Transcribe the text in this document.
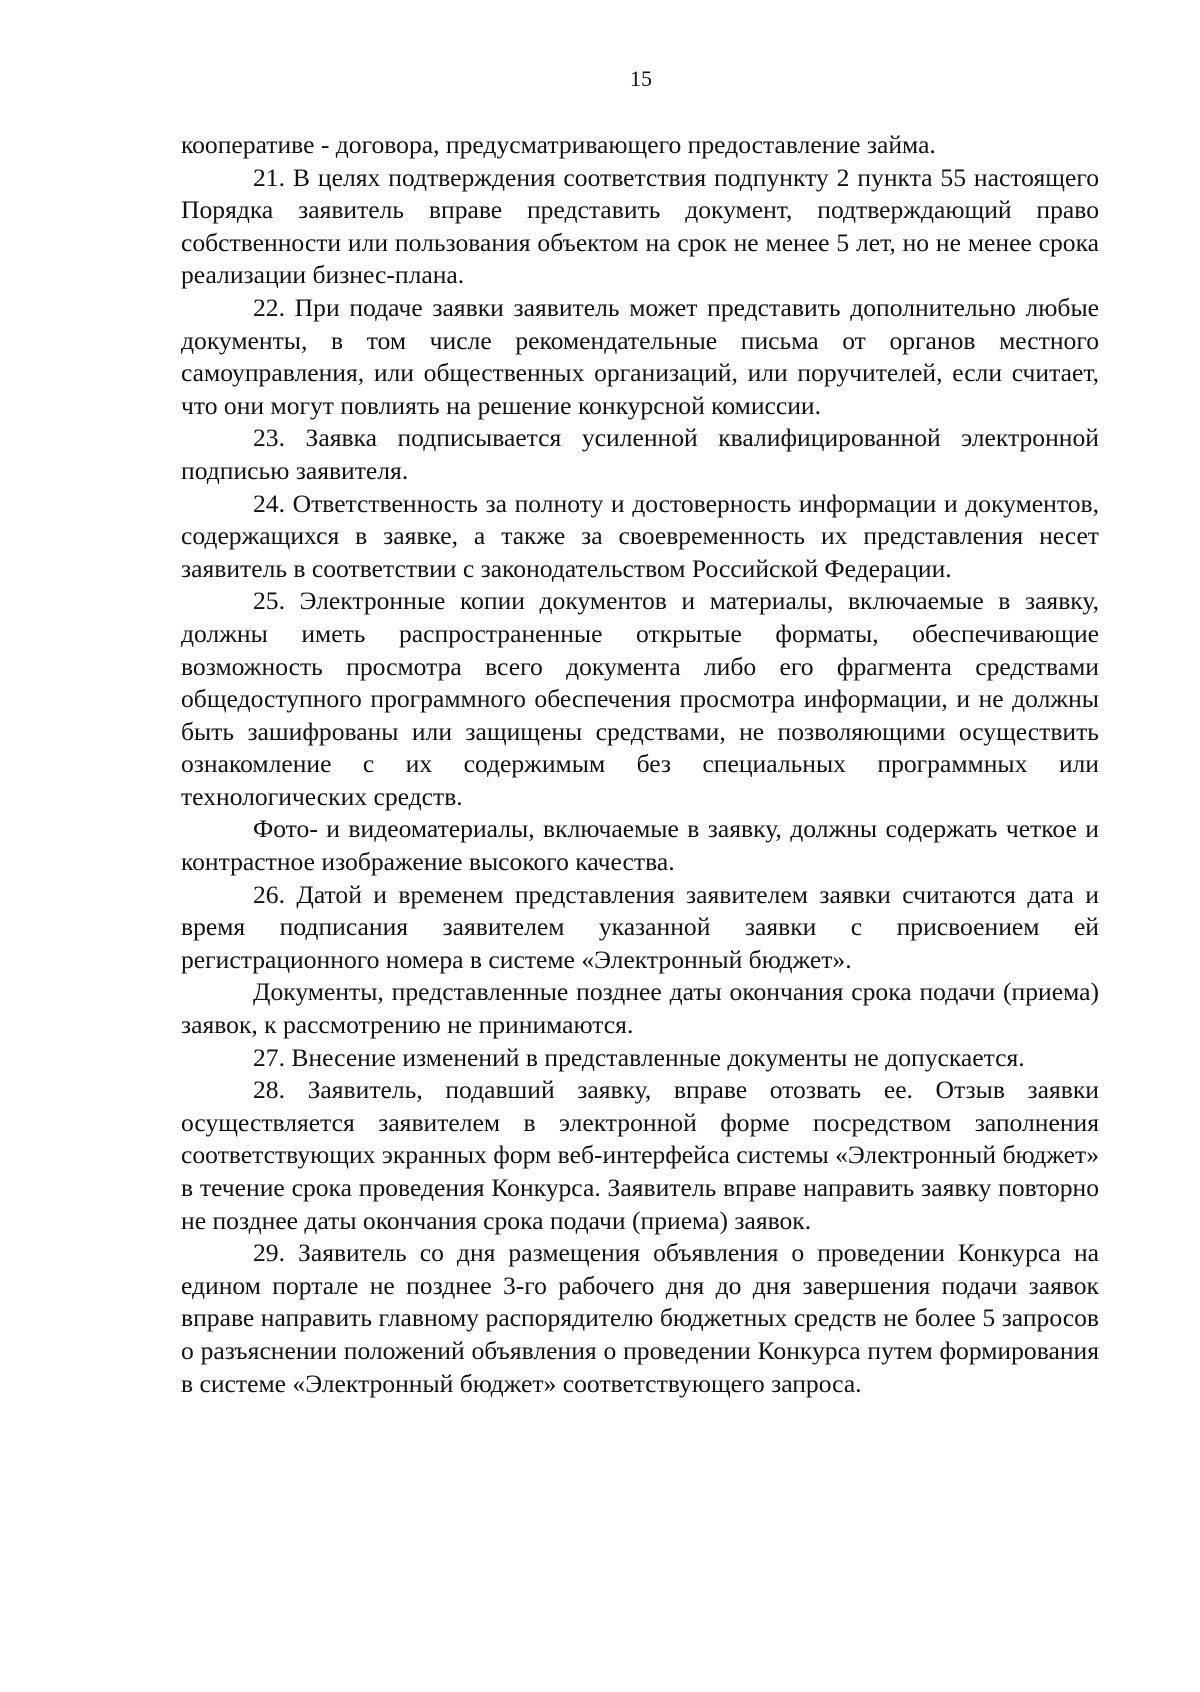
15

кооперативе - договора, предусматривающего предоставление займа.

21. В целях подтверждения соответствия подпункту 2 пункта 55 настоящего Порядка заявитель вправе представить документ, подтверждающий право собственности или пользования объектом на срок не менее 5 лет, но не менее срока реализации бизнес-плана.

22. При подаче заявки заявитель может представить дополнительно любые документы, в том числе рекомендательные письма от органов местного самоуправления, или общественных организаций, или поручителей, если считает, что они могут повлиять на решение конкурсной комиссии.

23. Заявка подписывается усиленной квалифицированной электронной подписью заявителя.

24. Ответственность за полноту и достоверность информации и документов, содержащихся в заявке, а также за своевременность их представления несет заявитель в соответствии с законодательством Российской Федерации.

25. Электронные копии документов и материалы, включаемые в заявку, должны иметь распространенные открытые форматы, обеспечивающие возможность просмотра всего документа либо его фрагмента средствами общедоступного программного обеспечения просмотра информации, и не должны быть зашифрованы или защищены средствами, не позволяющими осуществить ознакомление с их содержимым без специальных программных или технологических средств.

Фото- и видеоматериалы, включаемые в заявку, должны содержать четкое и контрастное изображение высокого качества.

26. Датой и временем представления заявителем заявки считаются дата и время подписания заявителем указанной заявки с присвоением ей регистрационного номера в системе «Электронный бюджет».

Документы, представленные позднее даты окончания срока подачи (приема) заявок, к рассмотрению не принимаются.

27. Внесение изменений в представленные документы не допускается.

28. Заявитель, подавший заявку, вправе отозвать ее. Отзыв заявки осуществляется заявителем в электронной форме посредством заполнения соответствующих экранных форм веб-интерфейса системы «Электронный бюджет» в течение срока проведения Конкурса. Заявитель вправе направить заявку повторно не позднее даты окончания срока подачи (приема) заявок.

29. Заявитель со дня размещения объявления о проведении Конкурса на едином портале не позднее 3-го рабочего дня до дня завершения подачи заявок вправе направить главному распорядителю бюджетных средств не более 5 запросов о разъяснении положений объявления о проведении Конкурса путем формирования в системе «Электронный бюджет» соответствующего запроса.
